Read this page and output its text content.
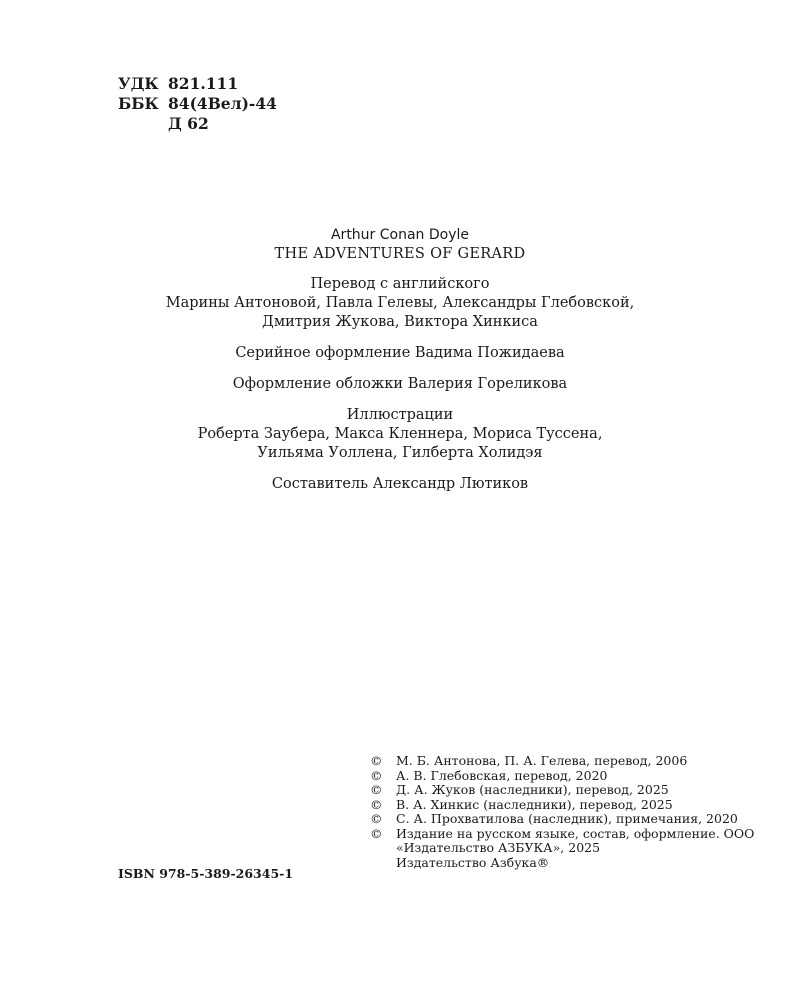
УДК 821.111
ББК 84(4Вел)-44
Д 62
Arthur Conan Doyle
THE ADVENTURES OF GERARD
Перевод с английского
Марины Антоновой, Павла Гелевы, Александры Глебовской,
Дмитрия Жукова, Виктора Хинкиса
Серийное оформление Вадима Пожидаева
Оформление обложки Валерия Гореликова
Иллюстрации
Роберта Заубера, Макса Кленнера, Мориса Туссена,
Уильяма Уоллена, Гилберта Холидэя
Составитель Александр Лютиков
©	М. Б. Антонова, П. А. Гелева, перевод, 2006
©	А. В. Глебовская, перевод, 2020
©	Д. А. Жуков (наследники), перевод, 2025
©	В. А. Хинкис (наследники), перевод, 2025
©	С. А. Прохватилова (наследник), примечания, 2020
©	Издание на русском языке, состав, оформление. ООО «Издательство АЗБУКА», 2025
Издательство Азбука®
ISBN 978-5-389-26345-1
